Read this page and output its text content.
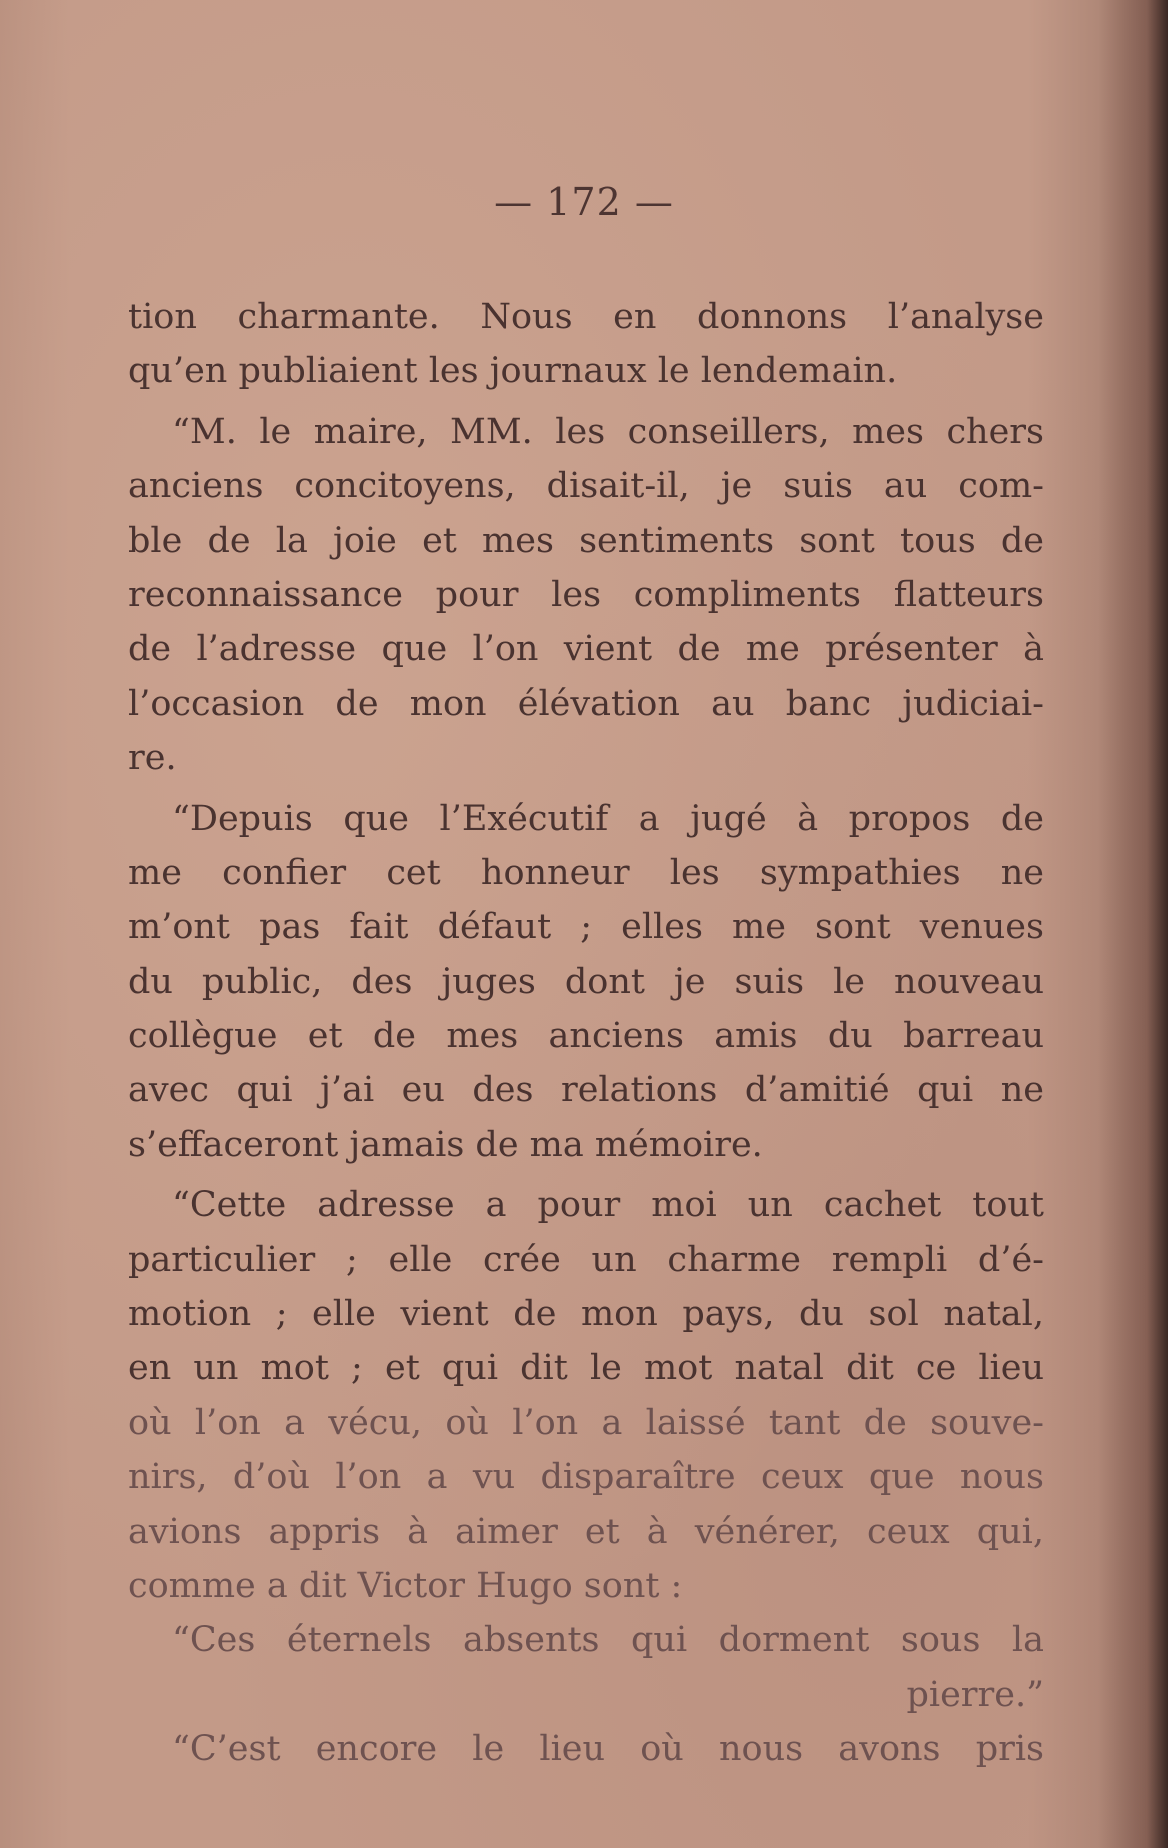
— 172 —
tion charmante. Nous en donnons l’analyse
qu’en publiaient les journaux le lendemain.
“M. le maire, MM. les conseillers, mes chers
anciens concitoyens, disait-il, je suis au com-
ble de la joie et mes sentiments sont tous de
reconnaissance pour les compliments flatteurs
de l’adresse que l’on vient de me présenter à
l’occasion de mon élévation au banc judiciai-
re.
“Depuis que l’Exécutif a jugé à propos de
me confier cet honneur les sympathies ne
m’ont pas fait défaut ; elles me sont venues
du public, des juges dont je suis le nouveau
collègue et de mes anciens amis du barreau
avec qui j’ai eu des relations d’amitié qui ne
s’effaceront jamais de ma mémoire.
“Cette adresse a pour moi un cachet tout
particulier ; elle crée un charme rempli d’é-
motion ; elle vient de mon pays, du sol natal,
en un mot ; et qui dit le mot natal dit ce lieu
où l’on a vécu, où l’on a laissé tant de souve-
nirs, d’où l’on a vu disparaître ceux que nous
avions appris à aimer et à vénérer, ceux qui,
comme a dit Victor Hugo sont :
“Ces éternels absents qui dorment sous la
pierre.”
“C’est encore le lieu où nous avons pris
